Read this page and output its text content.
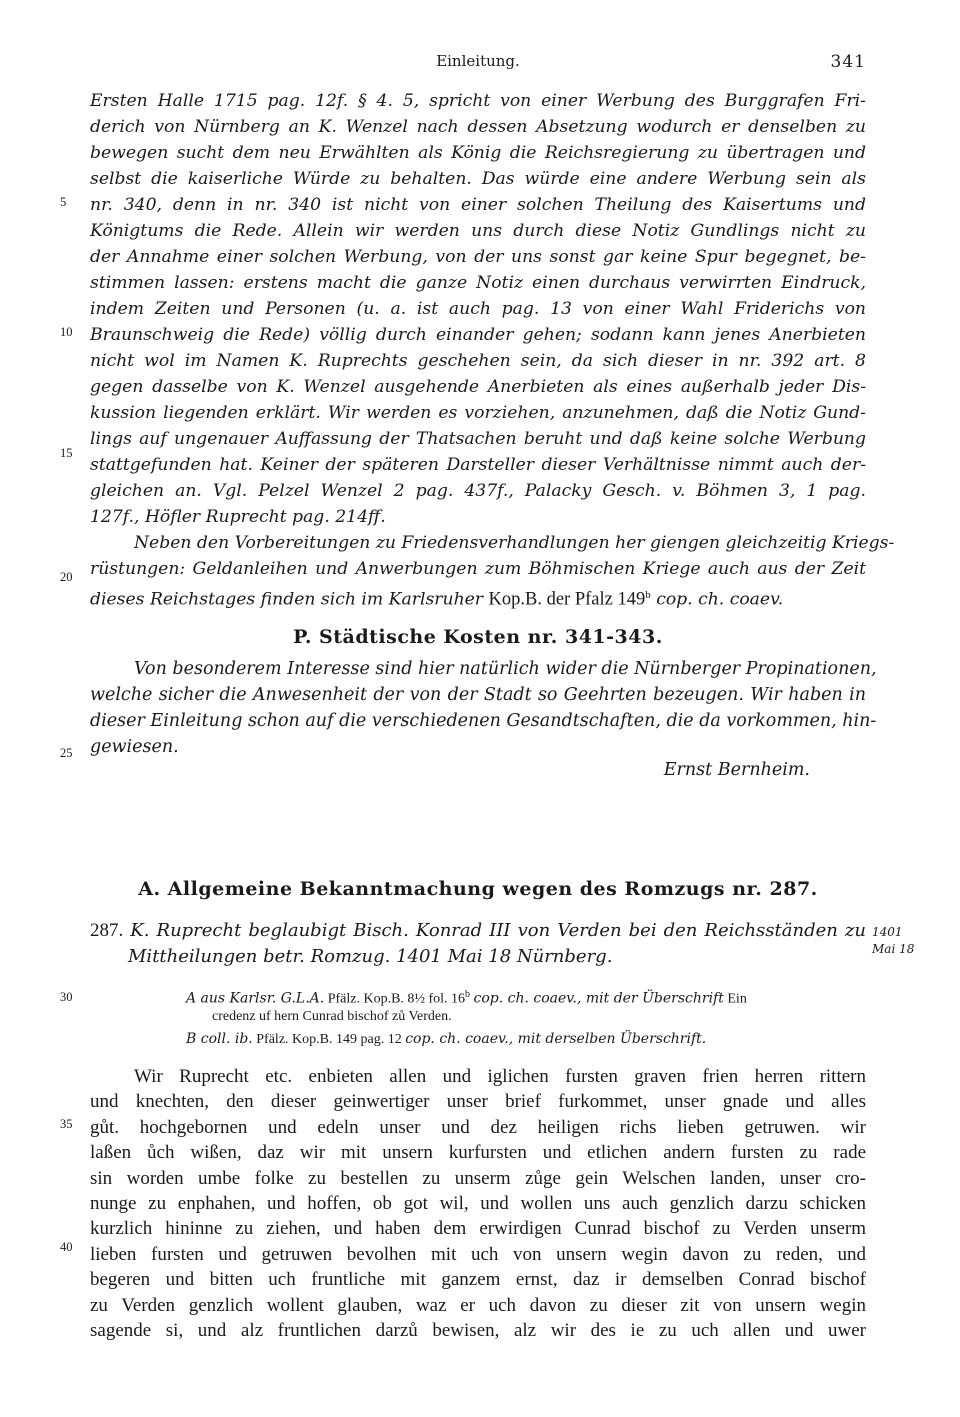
Einleitung.	341
Ersten Halle 1715 pag. 12f. § 4. 5, spricht von einer Werbung des Burggrafen Fri-
derich von Nürnberg an K. Wenzel nach dessen Absetzung wodurch er denselben zu
bewegen sucht dem neu Erwählten als König die Reichsregierung zu übertragen und
selbst die kaiserliche Würde zu behalten. Das würde eine andere Werbung sein als
nr. 340, denn in nr. 340 ist nicht von einer solchen Theilung des Kaisertums und
Königtums die Rede. Allein wir werden uns durch diese Notiz Gundlings nicht zu
der Annahme einer solchen Werbung, von der uns sonst gar keine Spur begegnet, be-
stimmen lassen: erstens macht die ganze Notiz einen durchaus verwirrten Eindruck,
indem Zeiten und Personen (u. a. ist auch pag. 13 von einer Wahl Friderichs von
Braunschweig die Rede) völlig durch einander gehen; sodann kann jenes Anerbieten
nicht wol im Namen K. Ruprechts geschehen sein, da sich dieser in nr. 392 art. 8
gegen dasselbe von K. Wenzel ausgehende Anerbieten als eines außerhalb jeder Dis-
kussion liegenden erklärt. Wir werden es vorziehen, anzunehmen, daß die Notiz Gund-
lings auf ungenauer Auffassung der Thatsachen beruht und daß keine solche Werbung
stattgefunden hat. Keiner der späteren Darsteller dieser Verhältnisse nimmt auch der-
gleichen an. Vgl. Pelzel Wenzel 2 pag. 437f., Palacky Gesch. v. Böhmen 3, 1 pag.
127f., Höfler Ruprecht pag. 214ff.
Neben den Vorbereitungen zu Friedensverhandlungen her giengen gleichzeitig Kriegs-
rüstungen: Geldanleihen und Anwerbungen zum Böhmischen Kriege auch aus der Zeit
dieses Reichstages finden sich im Karlsruher Kop.B. der Pfalz 149$^b$ cop. ch. coaev.
5
10
15
20
P. Städtische Kosten nr. 341-343.
Von besonderem Interesse sind hier natürlich wider die Nürnberger Propinationen,
welche sicher die Anwesenheit der von der Stadt so Geehrten bezeugen. Wir haben in
dieser Einleitung schon auf die verschiedenen Gesandtschaften, die da vorkommen, hin-
gewiesen.
25
Ernst Bernheim.
A. Allgemeine Bekanntmachung wegen des Romzugs nr. 287.
287. K. Ruprecht beglaubigt Bisch. Konrad III von Verden bei den Reichsständen zu
Mittheilungen betr. Romzug. 1401 Mai 18 Nürnberg.
1401
Mai 18
A aus Karlsr. G.L.A. Pfälz. Kop.B. 8½ fol. 16$^b$ cop. ch. coaev., mit der Überschrift Ein
credenz uf hern Cunrad bischof zů Verden.
B coll. ib. Pfälz. Kop.B. 149 pag. 12 cop. ch. coaev., mit derselben Überschrift.
30
Wir Ruprecht etc. enbieten allen und iglichen fursten graven frien herren rittern
und knechten, den dieser geinwertiger unser brief furkommet, unser gnade und alles
gůt. hochgebornen und edeln unser und dez heiligen richs lieben getruwen. wir
laßen ůch wißen, daz wir mit unsern kurfursten und etlichen andern fursten zu rade
sin worden umbe folke zu bestellen zu unserm zůge gein Welschen landen, unser cro-
nunge zu enphahen, und hoffen, ob got wil, und wollen uns auch genzlich darzu schicken
kurzlich hininne zu ziehen, und haben dem erwirdigen Cunrad bischof zu Verden unserm
lieben fursten und getruwen bevolhen mit uch von unsern wegin davon zu reden, und
begeren und bitten uch fruntliche mit ganzem ernst, daz ir demselben Conrad bischof
zu Verden genzlich wollent glauben, waz er uch davon zu dieser zit von unsern wegin
sagende si, und alz fruntlichen darzů bewisen, alz wir des ie zu uch allen und uwer
35
40
